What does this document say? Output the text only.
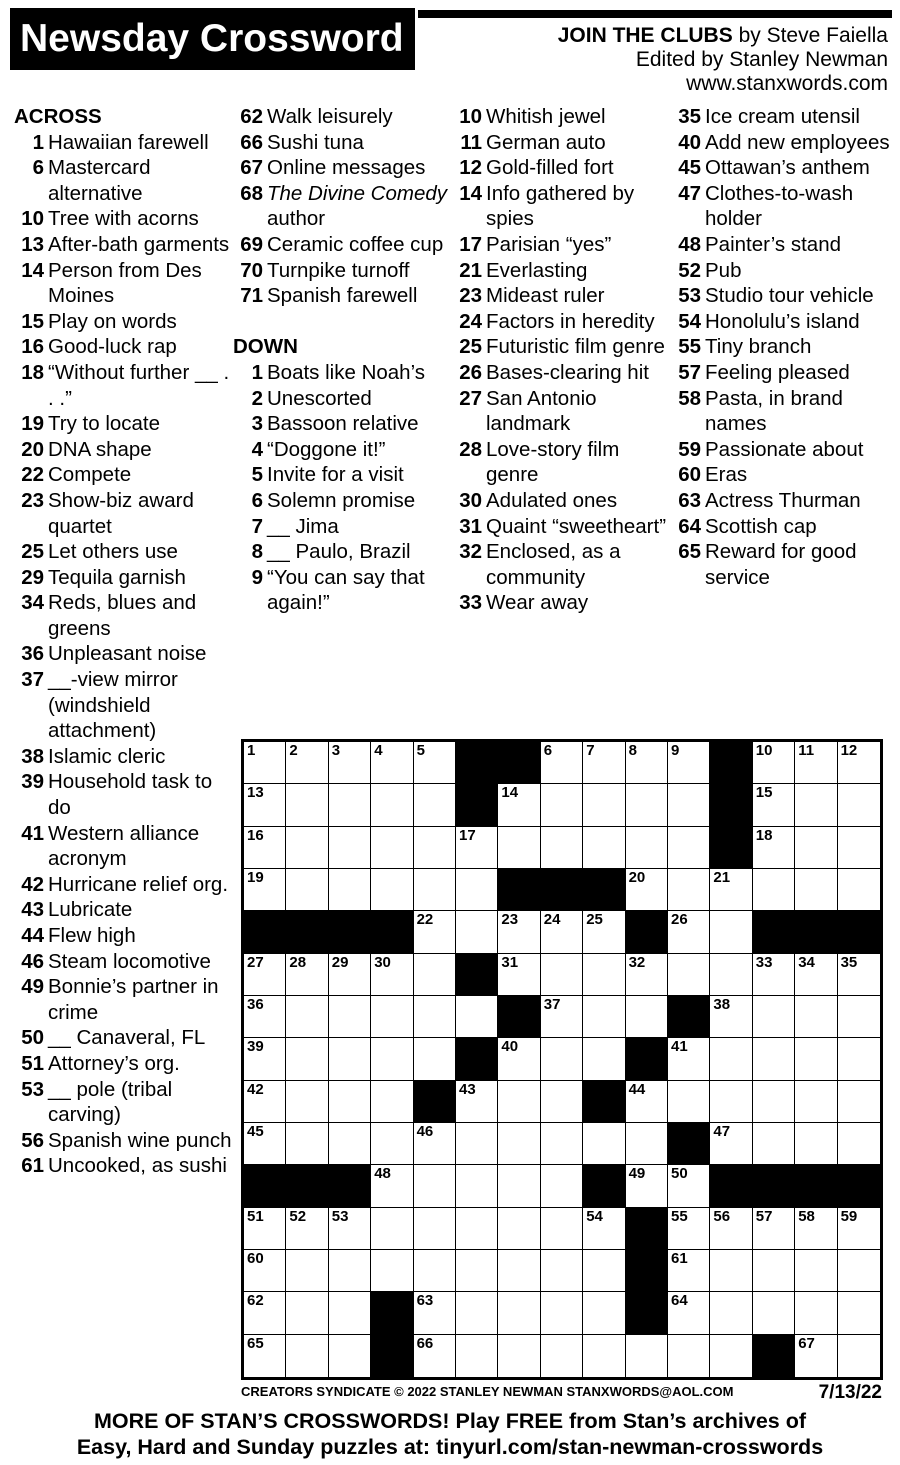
Newsday Crossword	JOIN THE CLUBS by Steve Faiella
Edited by Stanley Newman
www.stanxwords.com
ACROSS
1 Hawaiian farewell
6 Mastercard alternative
10 Tree with acorns
13 After-bath garments
14 Person from Des Moines
15 Play on words
16 Good-luck rap
18 “Without further __ . . .”
19 Try to locate
20 DNA shape
22 Compete
23 Show-biz award quartet
25 Let others use
29 Tequila garnish
34 Reds, blues and greens
36 Unpleasant noise
37 __-view mirror (windshield attachment)
38 Islamic cleric
39 Household task to do
41 Western alliance acronym
42 Hurricane relief org.
43 Lubricate
44 Flew high
46 Steam locomotive
49 Bonnie’s partner in crime
50 __ Canaveral, FL
51 Attorney’s org.
53 __ pole (tribal carving)
56 Spanish wine punch
61 Uncooked, as sushi
62 Walk leisurely
66 Sushi tuna
67 Online messages
68 The Divine Comedy author
69 Ceramic coffee cup
70 Turnpike turnoff
71 Spanish farewell
DOWN
1 Boats like Noah’s
2 Unescorted
3 Bassoon relative
4 “Doggone it!”
5 Invite for a visit
6 Solemn promise
7 __ Jima
8 __ Paulo, Brazil
9 “You can say that again!”
10 Whitish jewel
11 German auto
12 Gold-filled fort
14 Info gathered by spies
17 Parisian “yes”
21 Everlasting
23 Mideast ruler
24 Factors in heredity
25 Futuristic film genre
26 Bases-clearing hit
27 San Antonio landmark
28 Love-story film genre
30 Adulated ones
31 Quaint “sweetheart”
32 Enclosed, as a community
33 Wear away
35 Ice cream utensil
40 Add new employees
45 Ottawan’s anthem
47 Clothes-to-wash holder
48 Painter’s stand
52 Pub
53 Studio tour vehicle
54 Honolulu’s island
55 Tiny branch
57 Feeling pleased
58 Pasta, in brand names
59 Passionate about
60 Eras
63 Actress Thurman
64 Scottish cap
65 Reward for good service
1 2 3 4 5	6 7 8 9	10 11 12
13	14	15
16	17	18
19	20	21
22	23 24 25	26
27 28 29 30	31	32	33 34 35
36	37	38
39	40	41
42	43	44
45	46	47
48	49 50
51 52 53	54	55 56 57 58 59
60	61
62	63	64
65	66	67
CREATORS SYNDICATE © 2022 STANLEY NEWMAN STANXWORDS@AOL.COM	7/13/22
MORE OF STAN’S CROSSWORDS! Play FREE from Stan’s archives of
Easy, Hard and Sunday puzzles at: tinyurl.com/stan-newman-crosswords
